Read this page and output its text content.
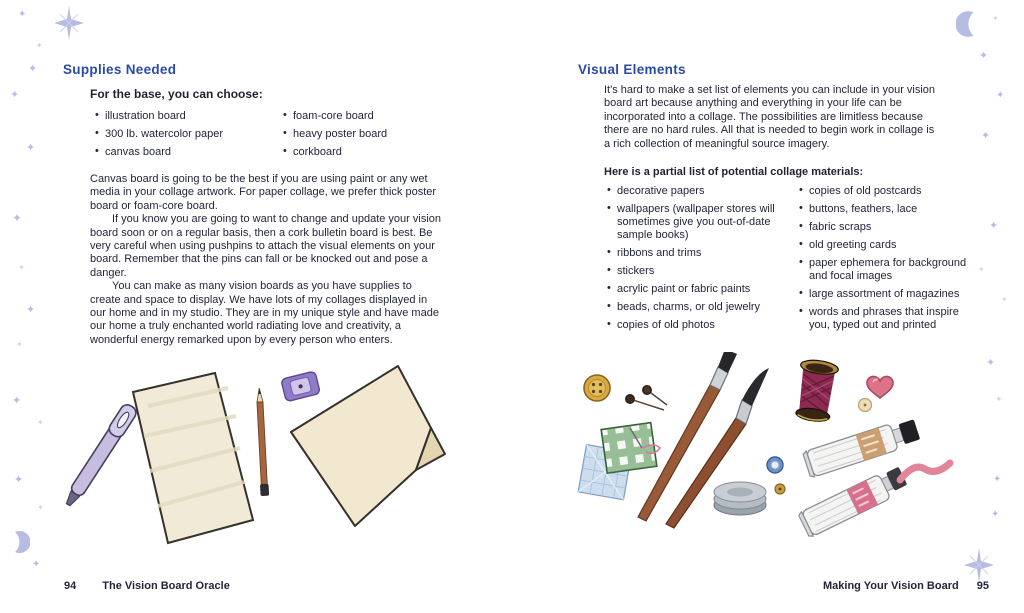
Supplies Needed
For the base, you can choose:
• illustration board
• 300 lb. watercolor paper
• canvas board
• foam-core board
• heavy poster board
• corkboard

Canvas board is going to be the best if you are using paint or any wet media in your collage artwork. For paper collage, we prefer thick poster board or foam-core board.

If you know you are going to want to change and update your vision board soon or on a regular basis, then a cork bulletin board is best. Be very careful when using pushpins to attach the visual elements on your board. Remember that the pins can fall or be knocked out and pose a danger.

You can make as many vision boards as you have supplies to create and space to display. We have lots of my collages displayed in our home and in my studio. They are in my unique style and have made our home a truly enchanted world radiating love and creativity, a wonderful energy remarked upon by every person who enters.

94 The Vision Board Oracle
Visual Elements
It's hard to make a set list of elements you can include in your vision board art because anything and everything in your life can be incorporated into a collage. The possibilities are limitless because there are no hard rules. All that is needed to begin work in collage is a rich collection of meaningful source imagery.
Here is a partial list of potential collage materials:
• decorative papers
• wallpapers (wallpaper stores will sometimes give you out-of-date sample books)
• ribbons and trims
• stickers
• acrylic paint or fabric paints
• beads, charms, or old jewelry
• copies of old photos
• copies of old postcards
• buttons, feathers, lace
• fabric scraps
• old greeting cards
• paper ephemera for background and focal images
• large assortment of magazines
• words and phrases that inspire you, typed out and printed
Making Your Vision Board 95
✦
✦
✦
✦
✦
✦
✦
✦
✦
✦
✦
✦
✦
✦
✦
✦
✦
✦
✦
✦
✦
✦
✦
✦
✦
